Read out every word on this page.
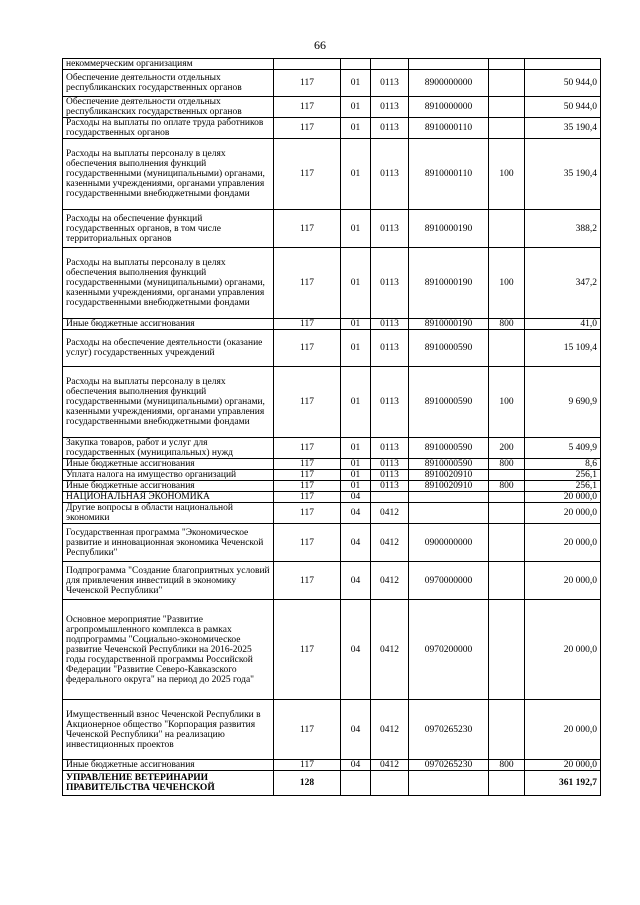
66
некоммерческим организациям						
Обеспечение деятельности отдельных республиканских государственных органов	117	01	0113	8900000000		50 944,0
Обеспечение деятельности отдельных республиканских государственных органов	117	01	0113	8910000000		50 944,0
Расходы на выплаты по оплате труда работников государственных органов	117	01	0113	8910000110		35 190,4
Расходы на выплаты персоналу в целях обеспечения выполнения функций государственными (муниципальными) органами, казенными учреждениями, органами управления государственными внебюджетными фондами	117	01	0113	8910000110	100	35 190,4
Расходы на обеспечение функций государственных органов, в том числе территориальных органов	117	01	0113	8910000190		388,2
Расходы на выплаты персоналу в целях обеспечения выполнения функций государственными (муниципальными) органами, казенными учреждениями, органами управления государственными внебюджетными фондами	117	01	0113	8910000190	100	347,2
Иные бюджетные ассигнования	117	01	0113	8910000190	800	41,0
Расходы на обеспечение деятельности (оказание услуг) государственных учреждений	117	01	0113	8910000590		15 109,4
Расходы на выплаты персоналу в целях обеспечения выполнения функций государственными (муниципальными) органами, казенными учреждениями, органами управления государственными внебюджетными фондами	117	01	0113	8910000590	100	9 690,9
Закупка товаров, работ и услуг для государственных (муниципальных) нужд	117	01	0113	8910000590	200	5 409,9
Иные бюджетные ассигнования	117	01	0113	8910000590	800	8,6
Уплата налога на имущество организаций	117	01	0113	8910020910		256,1
Иные бюджетные ассигнования	117	01	0113	8910020910	800	256,1
НАЦИОНАЛЬНАЯ ЭКОНОМИКА	117	04				20 000,0
Другие вопросы в области национальной экономики	117	04	0412			20 000,0
Государственная программа "Экономическое развитие и инновационная экономика Чеченской Республики"	117	04	0412	0900000000		20 000,0
Подпрограмма "Создание благоприятных условий для привлечения инвестиций в экономику Чеченской Республики"	117	04	0412	0970000000		20 000,0
Основное мероприятие "Развитие агропромышленного комплекса в рамках подпрограммы "Социально-экономическое развитие Чеченской Республики на 2016-2025 годы государственной программы Российской Федерации "Развитие Северо-Кавказского федерального округа" на период до 2025 года"	117	04	0412	0970200000		20 000,0
Имущественный взнос Чеченской Республики в Акционерное общество "Корпорация развития Чеченской Республики" на реализацию инвестиционных проектов	117	04	0412	0970265230		20 000,0
Иные бюджетные ассигнования	117	04	0412	0970265230	800	20 000,0
УПРАВЛЕНИЕ ВЕТЕРИНАРИИ ПРАВИТЕЛЬСТВА ЧЕЧЕНСКОЙ	128					361 192,7
